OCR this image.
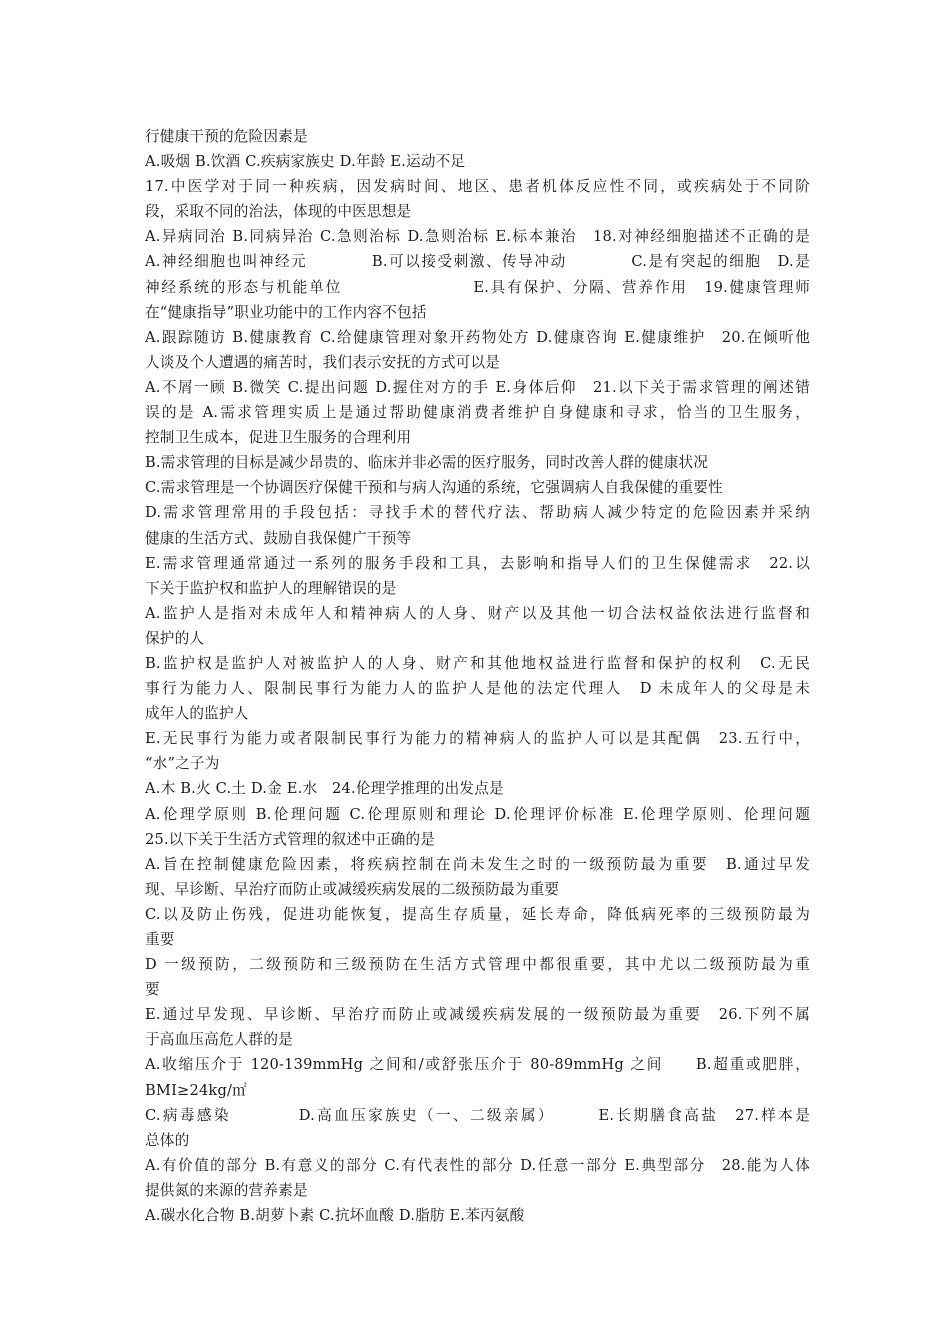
行健康干预的危险因素是
A.吸烟 B.饮酒 C.疾病家族史 D.年龄 E.运动不足
17.中医学对于同一种疾病，因发病时间、地区、患者机体反应性不同，或疾病处于不同阶
段，采取不同的治法，体现的中医思想是
A.异病同治 B.同病异治 C.急则治标 D.急则治标 E.标本兼治　18.对神经细胞描述不正确的是
A.神经细胞也叫神经元　　　　B.可以接受刺激、传导冲动　　　　C.是有突起的细胞　D.是
神经系统的形态与机能单位　　　　　　　　E.具有保护、分隔、营养作用　19.健康管理师
在“健康指导”职业功能中的工作内容不包括
A.跟踪随访 B.健康教育 C.给健康管理对象开药物处方 D.健康咨询 E.健康维护　20.在倾听他
人谈及个人遭遇的痛苦时，我们表示安抚的方式可以是
A.不屑一顾 B.微笑 C.提出问题 D.握住对方的手 E.身体后仰　21.以下关于需求管理的阐述错
误的是 A.需求管理实质上是通过帮助健康消费者维护自身健康和寻求，恰当的卫生服务，
控制卫生成本，促进卫生服务的合理利用
B.需求管理的目标是减少昂贵的、临床并非必需的医疗服务，同时改善人群的健康状况
C.需求管理是一个协调医疗保健干预和与病人沟通的系统，它强调病人自我保健的重要性
D.需求管理常用的手段包括：寻找手术的替代疗法、帮助病人减少特定的危险因素并采纳
健康的生活方式、鼓励自我保健广干预等
E.需求管理通常通过一系列的服务手段和工具，去影响和指导人们的卫生保健需求　22.以
下关于监护权和监护人的理解错误的是
A.监护人是指对未成年人和精神病人的人身、财产以及其他一切合法权益依法进行监督和
保护的人
B.监护权是监护人对被监护人的人身、财产和其他地权益进行监督和保护的权利　C.无民
事行为能力人、限制民事行为能力人的监护人是他的法定代理人　D 未成年人的父母是未
成年人的监护人
E.无民事行为能力或者限制民事行为能力的精神病人的监护人可以是其配偶　23.五行中，
“水”之子为
A.木 B.火 C.土 D.金 E.水　24.伦理学推理的出发点是
A.伦理学原则 B.伦理问题 C.伦理原则和理论 D.伦理评价标准 E.伦理学原则、伦理问题
25.以下关于生活方式管理的叙述中正确的是
A.旨在控制健康危险因素，将疾病控制在尚未发生之时的一级预防最为重要　B.通过早发
现、早诊断、早治疗而防止或减缓疾病发展的二级预防最为重要
C.以及防止伤残，促进功能恢复，提高生存质量，延长寿命，降低病死率的三级预防最为
重要
D 一级预防，二级预防和三级预防在生活方式管理中都很重要，其中尤以二级预防最为重
要
E.通过早发现、早诊断、早治疗而防止或减缓疾病发展的一级预防最为重要　26.下列不属
于高血压高危人群的是
A.收缩压介于 120-139mmHg 之间和/或舒张压介于 80-89mmHg 之间　　B.超重或肥胖，
BMI≥24kg/㎡
C.病毒感染　　　　D.高血压家族史（一、二级亲属）　　　E.长期膳食高盐　27.样本是
总体的
A.有价值的部分 B.有意义的部分 C.有代表性的部分 D.任意一部分 E.典型部分　28.能为人体
提供氮的来源的营养素是
A.碳水化合物 B.胡萝卜素 C.抗坏血酸 D.脂肪 E.苯丙氨酸
